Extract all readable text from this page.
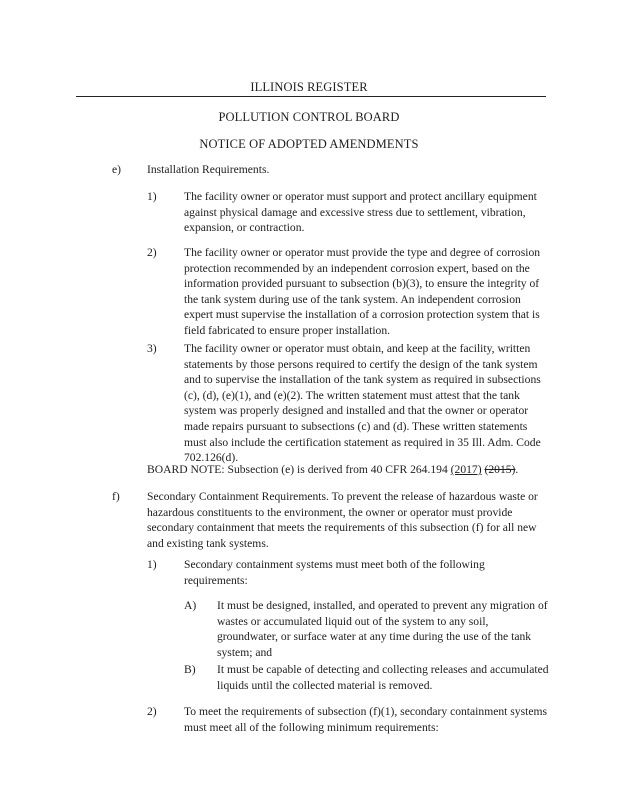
ILLINOIS REGISTER
POLLUTION CONTROL BOARD
NOTICE OF ADOPTED AMENDMENTS
e) Installation Requirements.
1) The facility owner or operator must support and protect ancillary equipment against physical damage and excessive stress due to settlement, vibration, expansion, or contraction.
2) The facility owner or operator must provide the type and degree of corrosion protection recommended by an independent corrosion expert, based on the information provided pursuant to subsection (b)(3), to ensure the integrity of the tank system during use of the tank system. An independent corrosion expert must supervise the installation of a corrosion protection system that is field fabricated to ensure proper installation.
3) The facility owner or operator must obtain, and keep at the facility, written statements by those persons required to certify the design of the tank system and to supervise the installation of the tank system as required in subsections (c), (d), (e)(1), and (e)(2). The written statement must attest that the tank system was properly designed and installed and that the owner or operator made repairs pursuant to subsections (c) and (d). These written statements must also include the certification statement as required in 35 Ill. Adm. Code 702.126(d).
BOARD NOTE: Subsection (e) is derived from 40 CFR 264.194 (2017) (2015).
f) Secondary Containment Requirements. To prevent the release of hazardous waste or hazardous constituents to the environment, the owner or operator must provide secondary containment that meets the requirements of this subsection (f) for all new and existing tank systems.
1) Secondary containment systems must meet both of the following requirements:
A) It must be designed, installed, and operated to prevent any migration of wastes or accumulated liquid out of the system to any soil, groundwater, or surface water at any time during the use of the tank system; and
B) It must be capable of detecting and collecting releases and accumulated liquids until the collected material is removed.
2) To meet the requirements of subsection (f)(1), secondary containment systems must meet all of the following minimum requirements:
